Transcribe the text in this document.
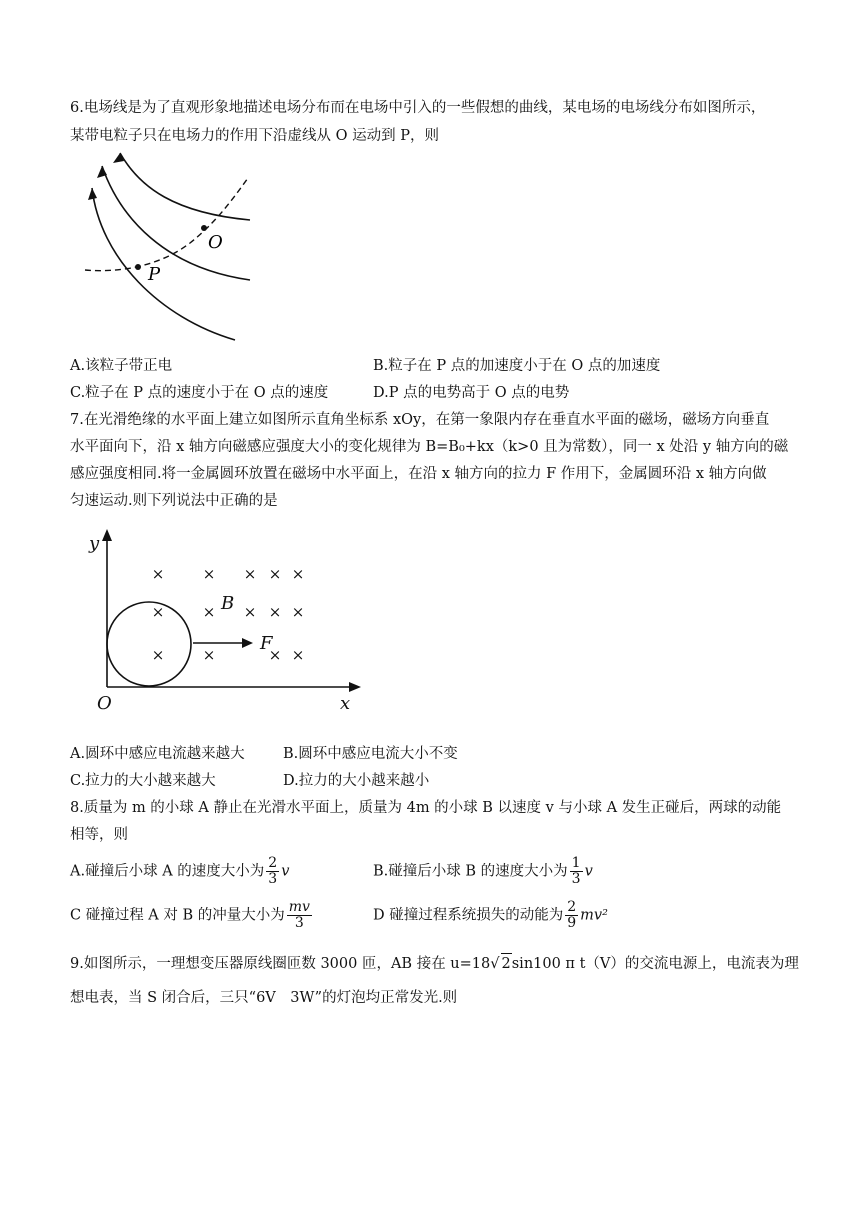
6.电场线是为了直观形象地描述电场分布而在电场中引入的一些假想的曲线，某电场的电场线分布如图所示，
某带电粒子只在电场力的作用下沿虚线从 O 运动到 P，则
O
P
A.该粒子带正电	B.粒子在 P 点的加速度小于在 O 点的加速度
C.粒子在 P 点的速度小于在 O 点的速度	D.P 点的电势高于 O 点的电势
7.在光滑绝缘的水平面上建立如图所示直角坐标系 xOy，在第一象限内存在垂直水平面的磁场，磁场方向垂直
水平面向下，沿 x 轴方向磁感应强度大小的变化规律为 B=B₀+kx（k>0 且为常数），同一 x 处沿 y 轴方向的磁
感应强度相同.将一金属圆环放置在磁场中水平面上，在沿 x 轴方向的拉力 F 作用下，金属圆环沿 x 轴方向做
匀速运动.则下列说法中正确的是
y
x
O
B
F
×	× × × ×
×	× × × ×
×	×	× ×
A.圆环中感应电流越来越大	B.圆环中感应电流大小不变
C.拉力的大小越来越大	D.拉力的大小越来越小
8.质量为 m 的小球 A 静止在光滑水平面上，质量为 4m 的小球 B 以速度 v 与小球 A 发生正碰后，两球的动能
相等，则
A.碰撞后小球 A 的速度大小为 $\frac{2}{3}$ v	B.碰撞后小球 B 的速度大小为 $\frac{1}{3}$ v
C 碰撞过程 A 对 B 的冲量大小为 $\frac{mv}{3}$	D 碰撞过程系统损失的动能为 $\frac{2}{9} mv^2$
9.如图所示，一理想变压器原线圈匝数 3000 匝，AB 接在 u=18√ 2sin100 π t（V）的交流电源上，电流表为理
想电表，当 S 闭合后，三只“6V　3W”的灯泡均正常发光.则
